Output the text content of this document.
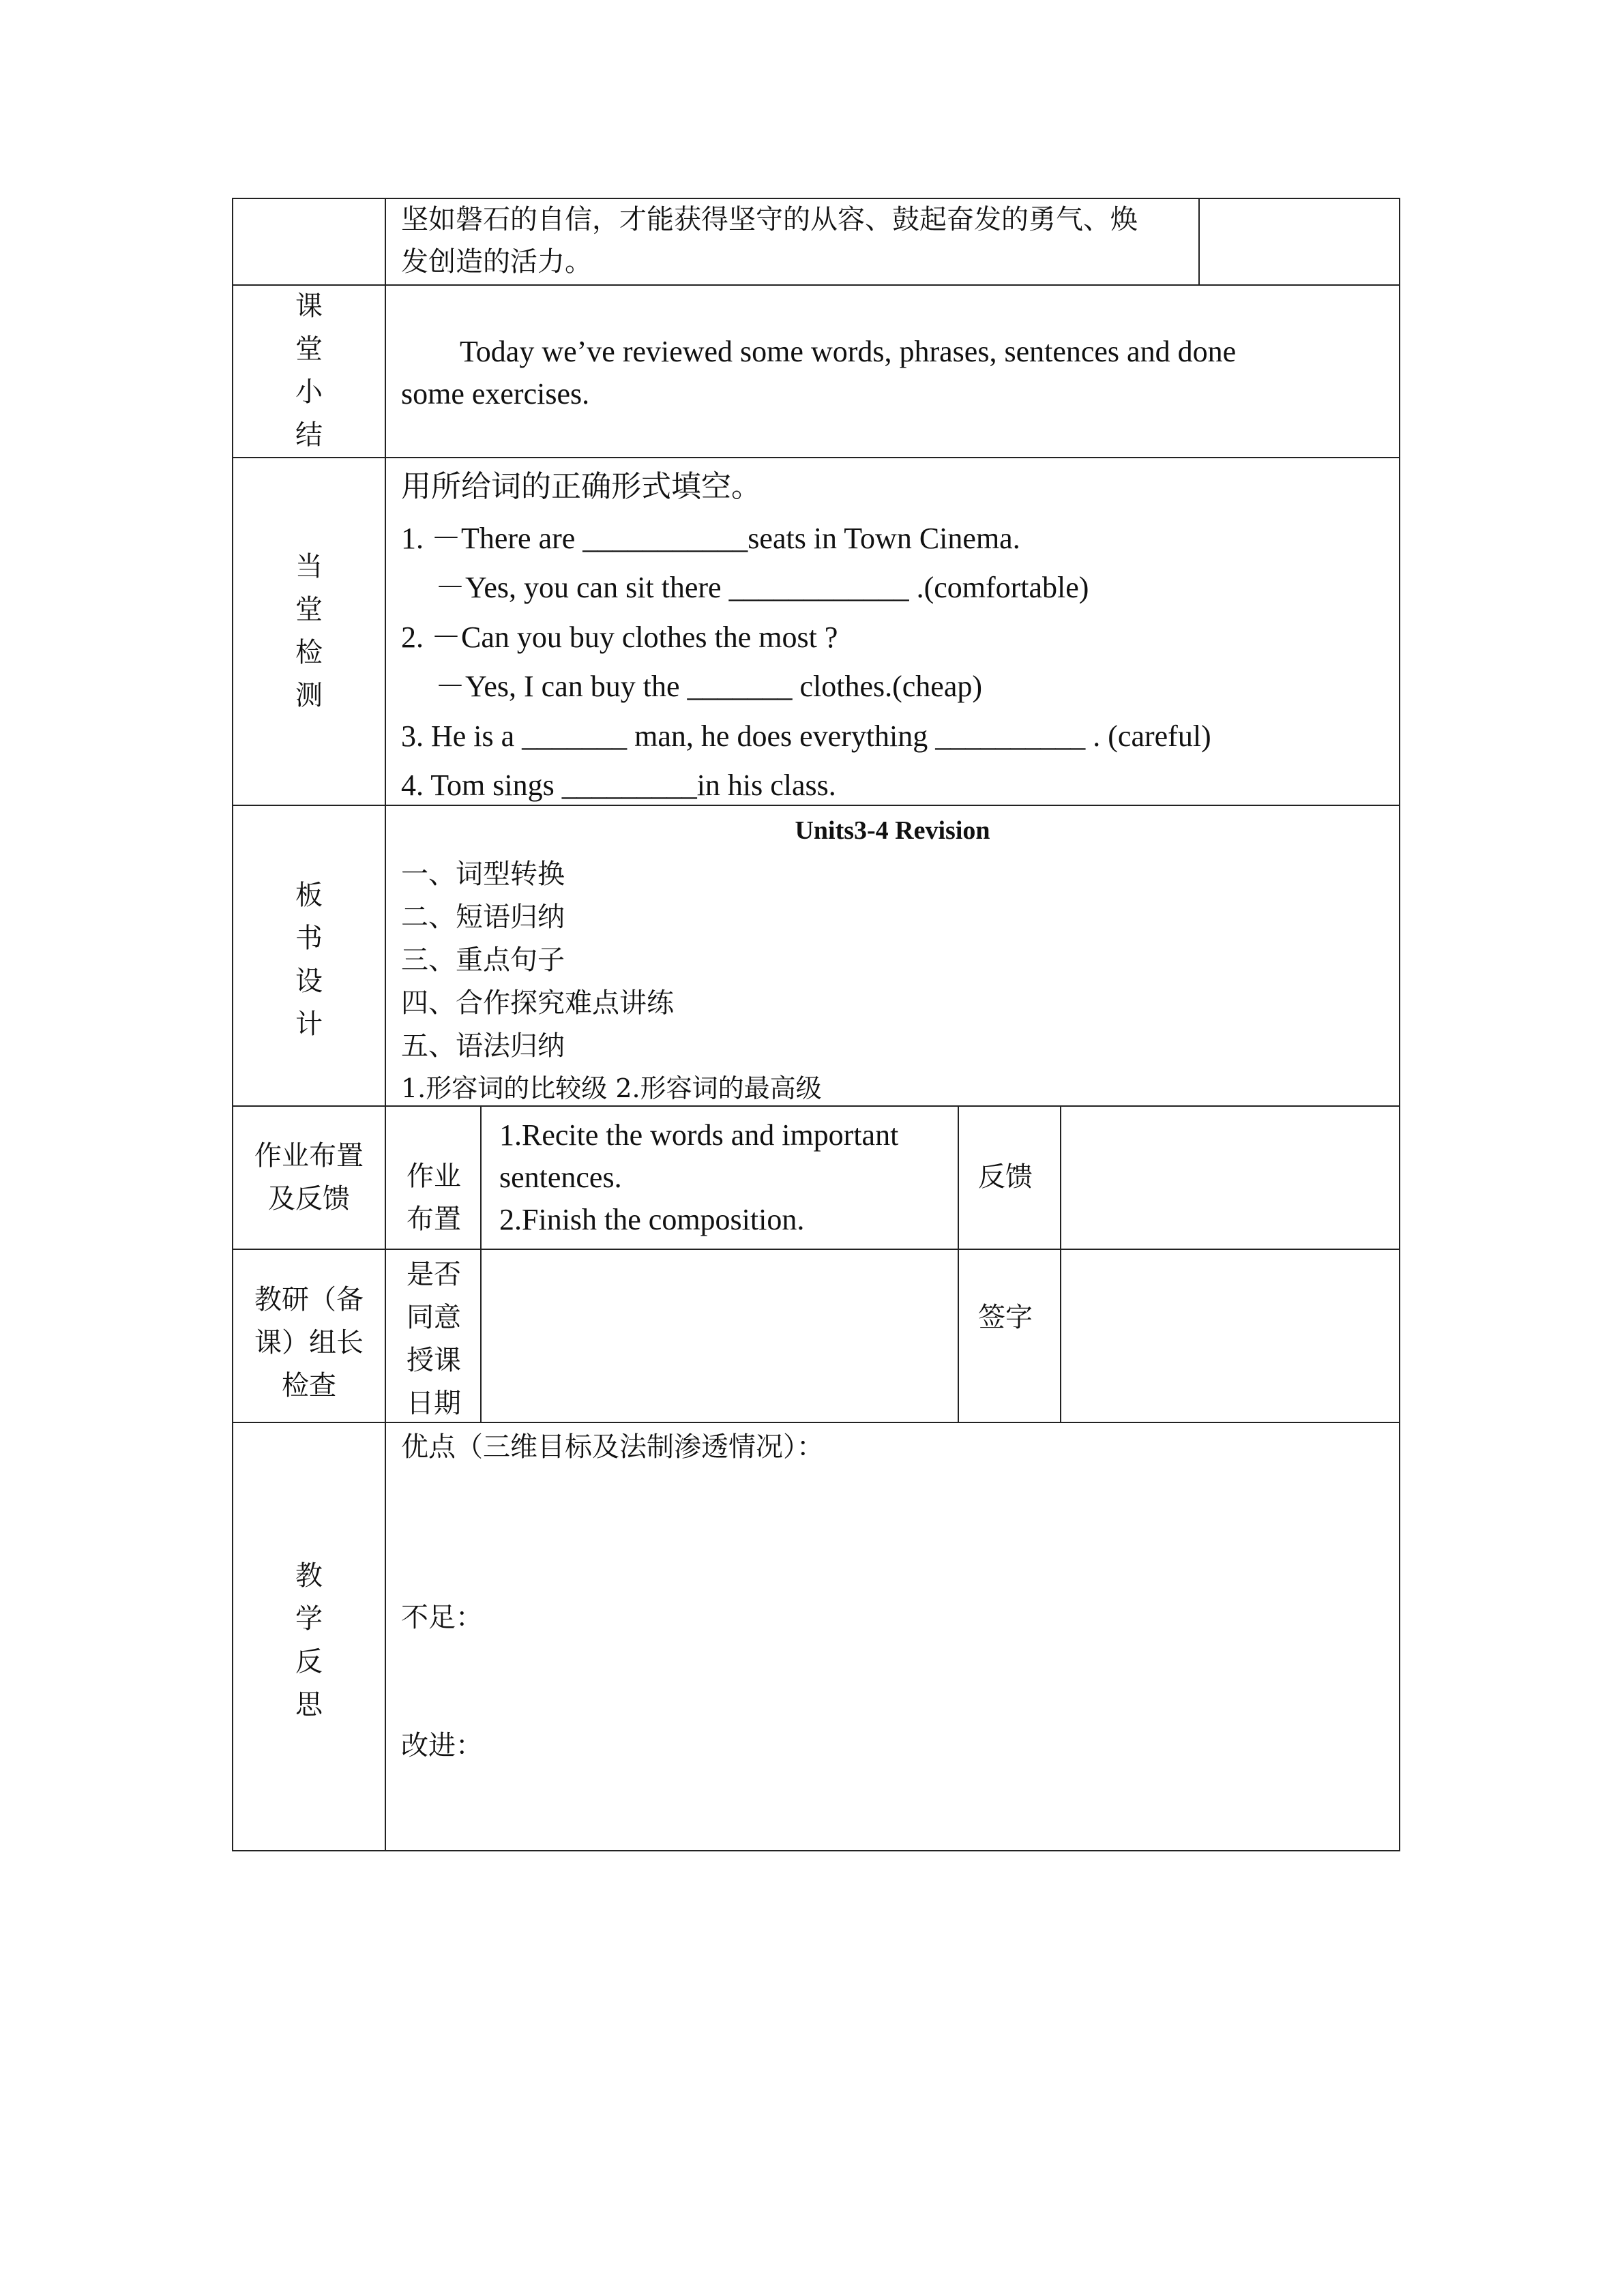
坚如磐石的自信，才能获得坚守的从容、鼓起奋发的勇气、焕
发创造的活力。
课
堂
小
结
Today we’ve reviewed some words, phrases, sentences and done
some exercises.
当
堂
检
测
用所给词的正确形式填空。
1. －There are ___________seats in Town Cinema.
－Yes, you can sit there ____________ .(comfortable)
2. －Can you buy clothes the most ?
－Yes, I can buy the _______ clothes.(cheap)
3. He is a _______ man, he does everything __________ . (careful)
4. Tom sings _________in his class.
板
书
设
计
Units3-4 Revision
一、词型转换
二、短语归纳
三、重点句子
四、合作探究难点讲练
五、语法归纳
1.形容词的比较级 2.形容词的最高级
作业布置
及反馈
作业
布置
1.Recite the words and important
sentences.
2.Finish the composition.
反馈
教研（备
课）组长
检查
是否
同意
授课
日期
签字
教
学
反
思
优点（三维目标及法制渗透情况）：
不足：
改进：
